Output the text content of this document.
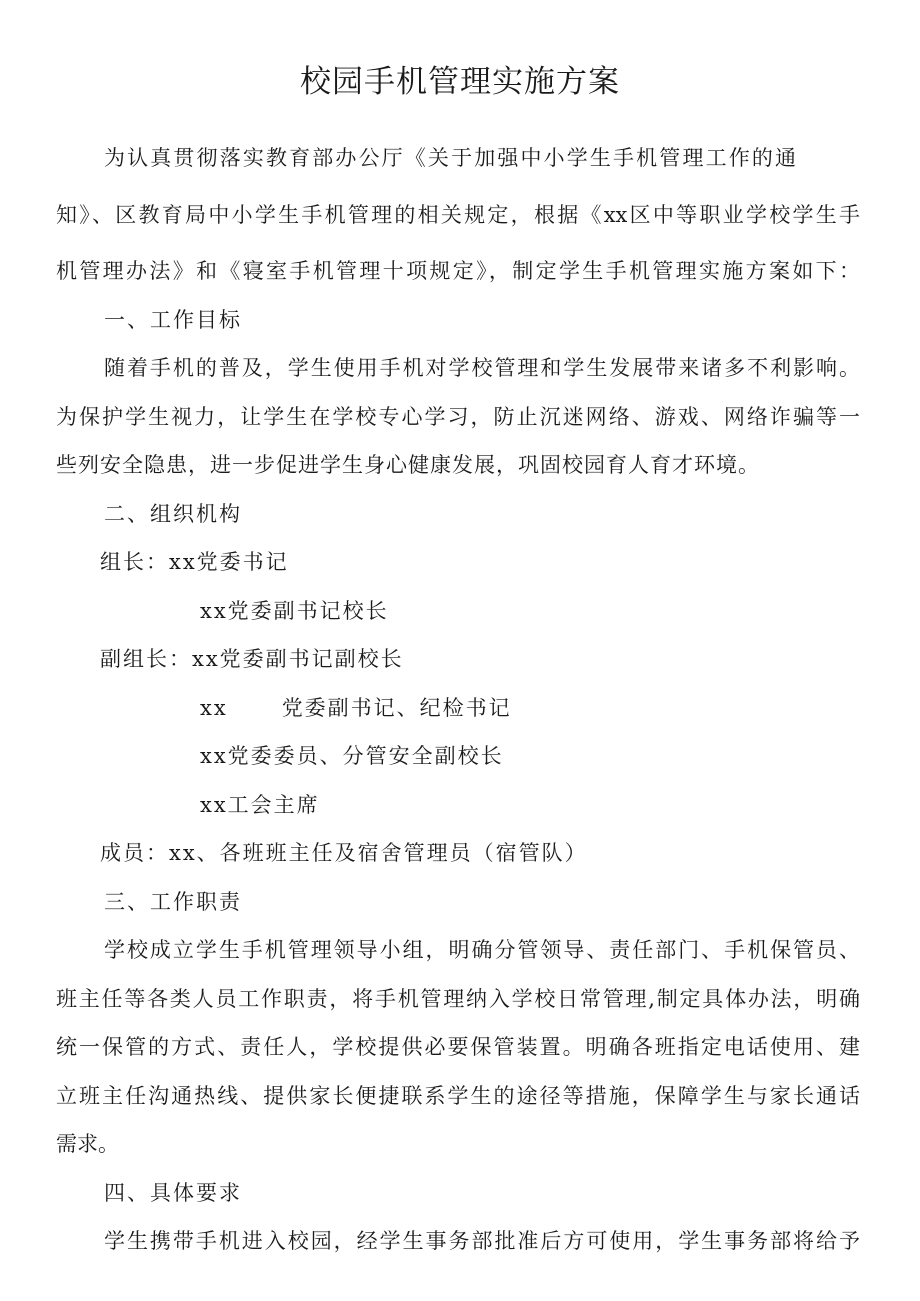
校园手机管理实施方案

为认真贯彻落实教育部办公厅《关于加强中小学生手机管理工作的通

知》、区教育局中小学生手机管理的相关规定，根据《xx区中等职业学校学生手

机管理办法》和《寝室手机管理十项规定》，制定学生手机管理实施方案如下：

一、工作目标

随着手机的普及，学生使用手机对学校管理和学生发展带来诸多不利影响。

为保护学生视力，让学生在学校专心学习，防止沉迷网络、游戏、网络诈骗等一

些列安全隐患，进一步促进学生身心健康发展，巩固校园育人育才环境。

二、组织机构

组长：xx党委书记

xx党委副书记校长

副组长：xx党委副书记副校长

xx	党委副书记、纪检书记

xx党委委员、分管安全副校长

xx工会主席

成员：xx、各班班主任及宿舍管理员（宿管队）

三、工作职责

学校成立学生手机管理领导小组，明确分管领导、责任部门、手机保管员、

班主任等各类人员工作职责，将手机管理纳入学校日常管理,制定具体办法，明确

统一保管的方式、责任人，学校提供必要保管装置。明确各班指定电话使用、建

立班主任沟通热线、提供家长便捷联系学生的途径等措施，保障学生与家长通话

需求。

四、具体要求

学生携带手机进入校园，经学生事务部批准后方可使用，学生事务部将给予
